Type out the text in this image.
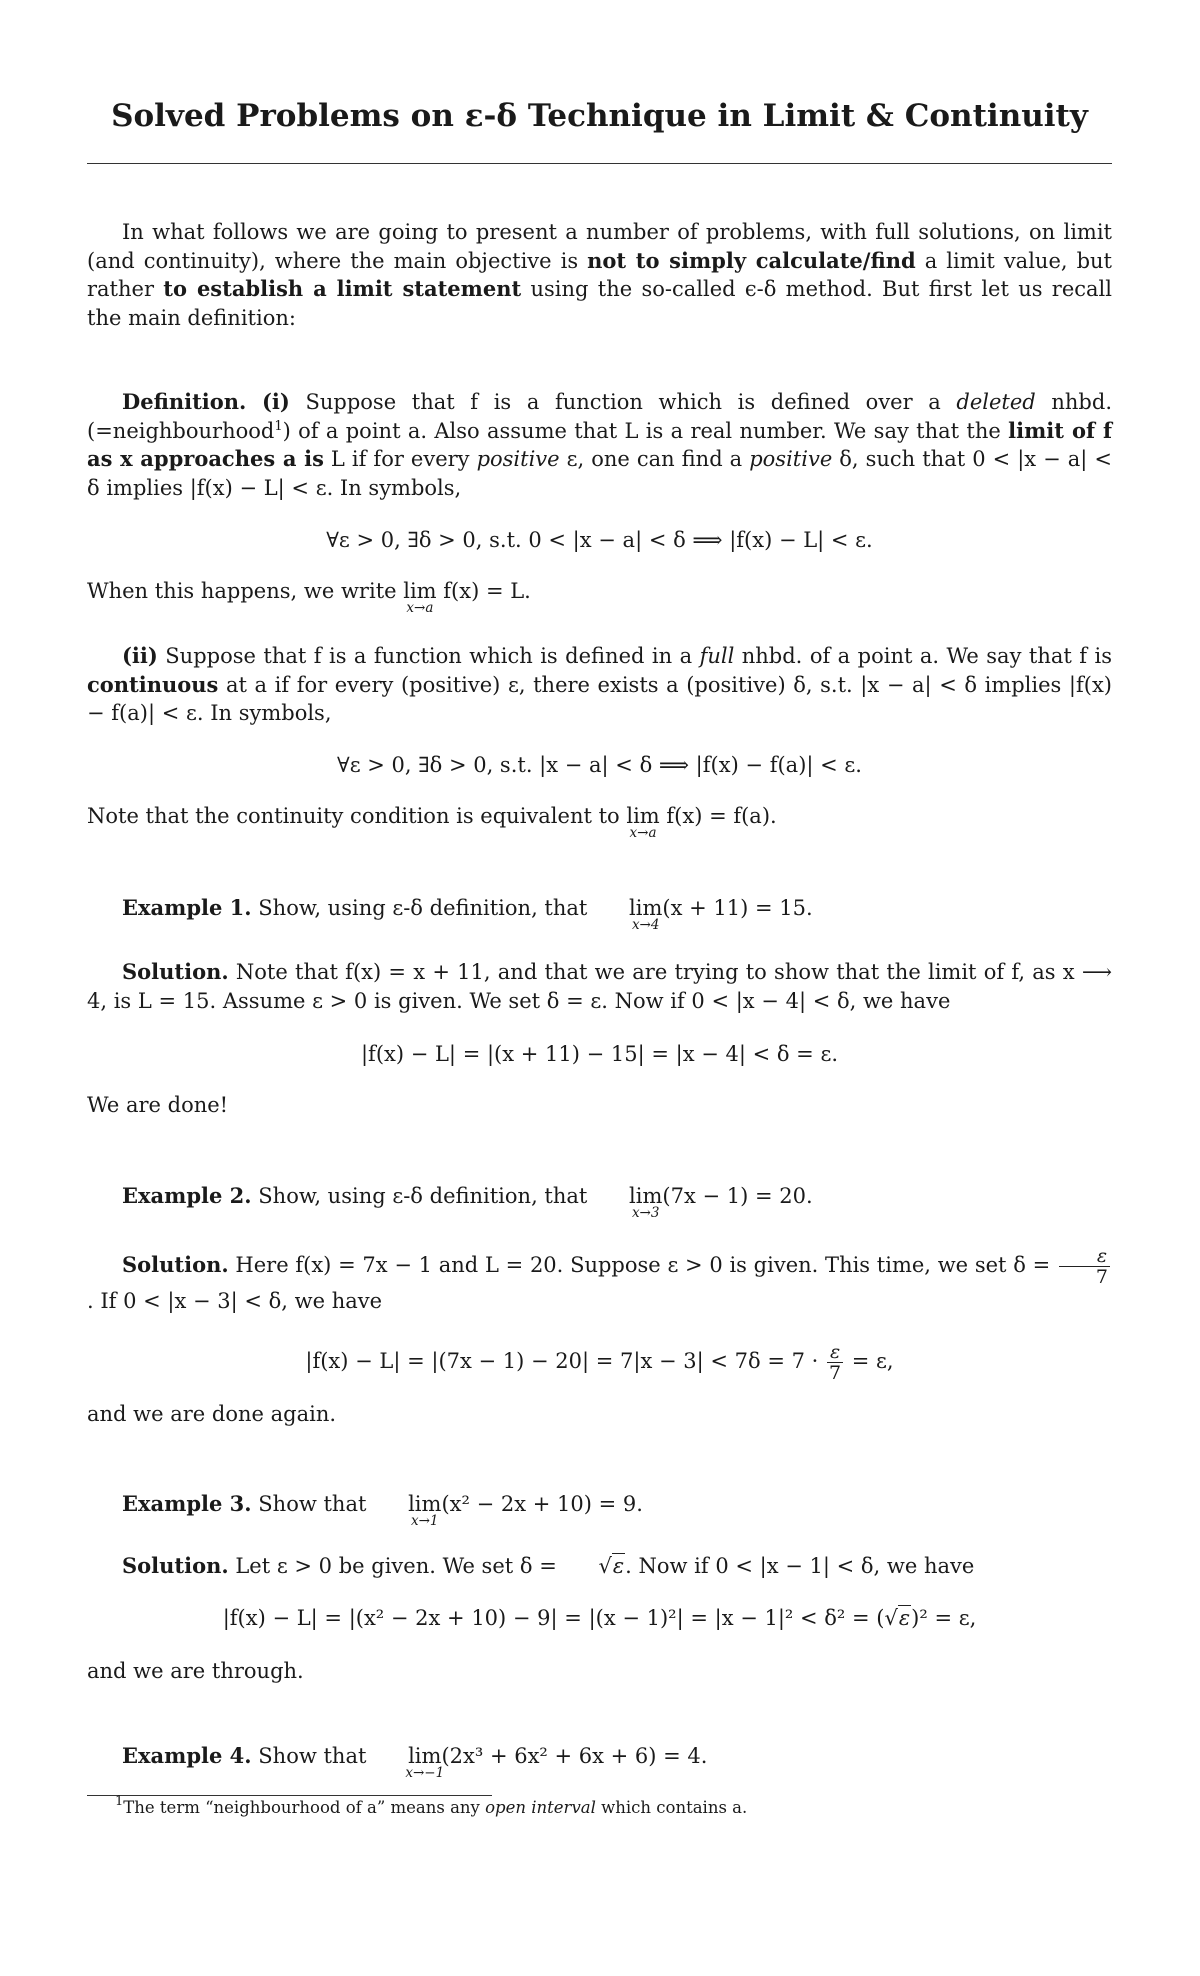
Solved Problems on ε-δ Technique in Limit & Continuity
In what follows we are going to present a number of problems, with full solutions, on limit (and continuity), where the main objective is not to simply calculate/find a limit value, but rather to establish a limit statement using the so-called ϵ-δ method. But first let us recall the main definition:
Definition. (i) Suppose that f is a function which is defined over a deleted nhbd. (=neighbourhood$^1$) of a point a. Also assume that L is a real number. We say that the limit of f as x approaches a is L if for every positive ε, one can find a positive δ, such that 0 < |x − a| < δ implies |f(x) − L| < ε. In symbols,
∀ε > 0, ∃δ > 0, s.t. 0 < |x − a| < δ ⟹ |f(x) − L| < ε.
When this happens, we write lim
x→a
f(x) = L.
(ii) Suppose that f is a function which is defined in a full nhbd. of a point a. We say that f is continuous at a if for every (positive) ε, there exists a (positive) δ, s.t. |x − a| < δ implies |f(x) − f(a)| < ε. In symbols,
∀ε > 0, ∃δ > 0, s.t. |x − a| < δ ⟹ |f(x) − f(a)| < ε.
Note that the continuity condition is equivalent to lim
x→a
f(x) = f(a).
Example 1. Show, using ε-δ definition, that lim
x→4
(x + 11) = 15.
Solution. Note that f(x) = x + 11, and that we are trying to show that the limit of f, as x ⟶ 4, is L = 15. Assume ε > 0 is given. We set δ = ε. Now if 0 < |x − 4| < δ, we have
|f(x) − L| = |(x + 11) − 15| = |x − 4| < δ = ε.
We are done!
Example 2. Show, using ε-δ definition, that lim
x→3
(7x − 1) = 20.
Solution. Here f(x) = 7x − 1 and L = 20. Suppose ε > 0 is given. This time, we set $\delta = \frac{\varepsilon}{7}$
. If 0 < |x − 3| < δ, we have
$|f(x) - L| = |(7x - 1) - 20| = 7|x - 3| < 7\delta = 7 \cdot \frac{\varepsilon}{7} = \varepsilon$,
and we are done again.
Example 3. Show that lim
x→1
(x² − 2x + 10) = 9.
Solution. Let ε > 0 be given. We set δ = √ε. Now if 0 < |x − 1| < δ, we have
|f(x) − L| = |(x² − 2x + 10) − 9| = |(x − 1)²| = |x − 1|² < δ² = (√ε)² = ε,
and we are through.
Example 4. Show that lim
x→−1
(2x³ + 6x² + 6x + 6) = 4.
$^1$The term “neighbourhood of a” means any open interval which contains a.
